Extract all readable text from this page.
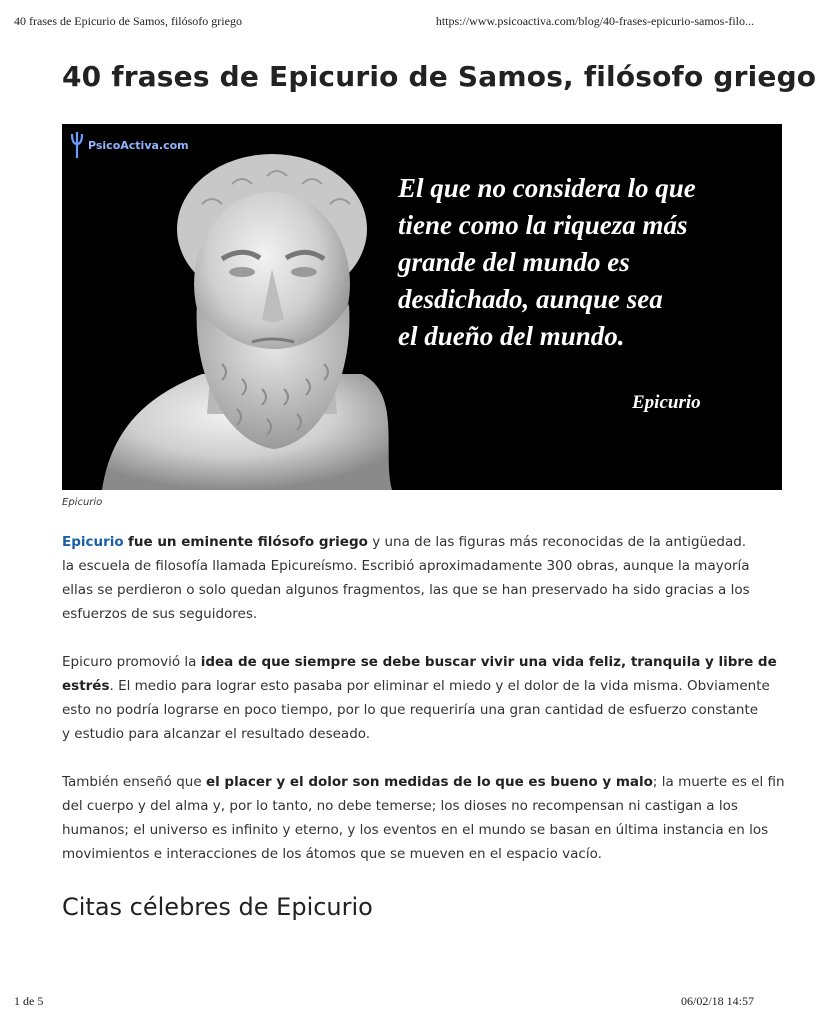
40 frases de Epicurio de Samos, filósofo griego	https://www.psicoactiva.com/blog/40-frases-epicurio-samos-filo...
40 frases de Epicurio de Samos, filósofo griego
PsicoActiva.com
El que no considera lo que
tiene como la riqueza más
grande del mundo es
desdichado, aunque sea
el dueño del mundo.
Epicurio
Epicurio

Epicurio fue un eminente filósofo griego y una de las figuras más reconocidas de la antigüedad.
la escuela de filosofía llamada Epicureísmo. Escribió aproximadamente 300 obras, aunque la mayoría
ellas se perdieron o solo quedan algunos fragmentos, las que se han preservado ha sido gracias a los
esfuerzos de sus seguidores.

Epicuro promovió la idea de que siempre se debe buscar vivir una vida feliz, tranquila y libre de
estrés. El medio para lograr esto pasaba por eliminar el miedo y el dolor de la vida misma. Obviamente
esto no podría lograrse en poco tiempo, por lo que requeriría una gran cantidad de esfuerzo constante
y estudio para alcanzar el resultado deseado.

También enseñó que el placer y el dolor son medidas de lo que es bueno y malo; la muerte es el fin
del cuerpo y del alma y, por lo tanto, no debe temerse; los dioses no recompensan ni castigan a los
humanos; el universo es infinito y eterno, y los eventos en el mundo se basan en última instancia en los
movimientos e interacciones de los átomos que se mueven en el espacio vacío.

Citas célebres de Epicurio
1 de 5	06/02/18 14:57
